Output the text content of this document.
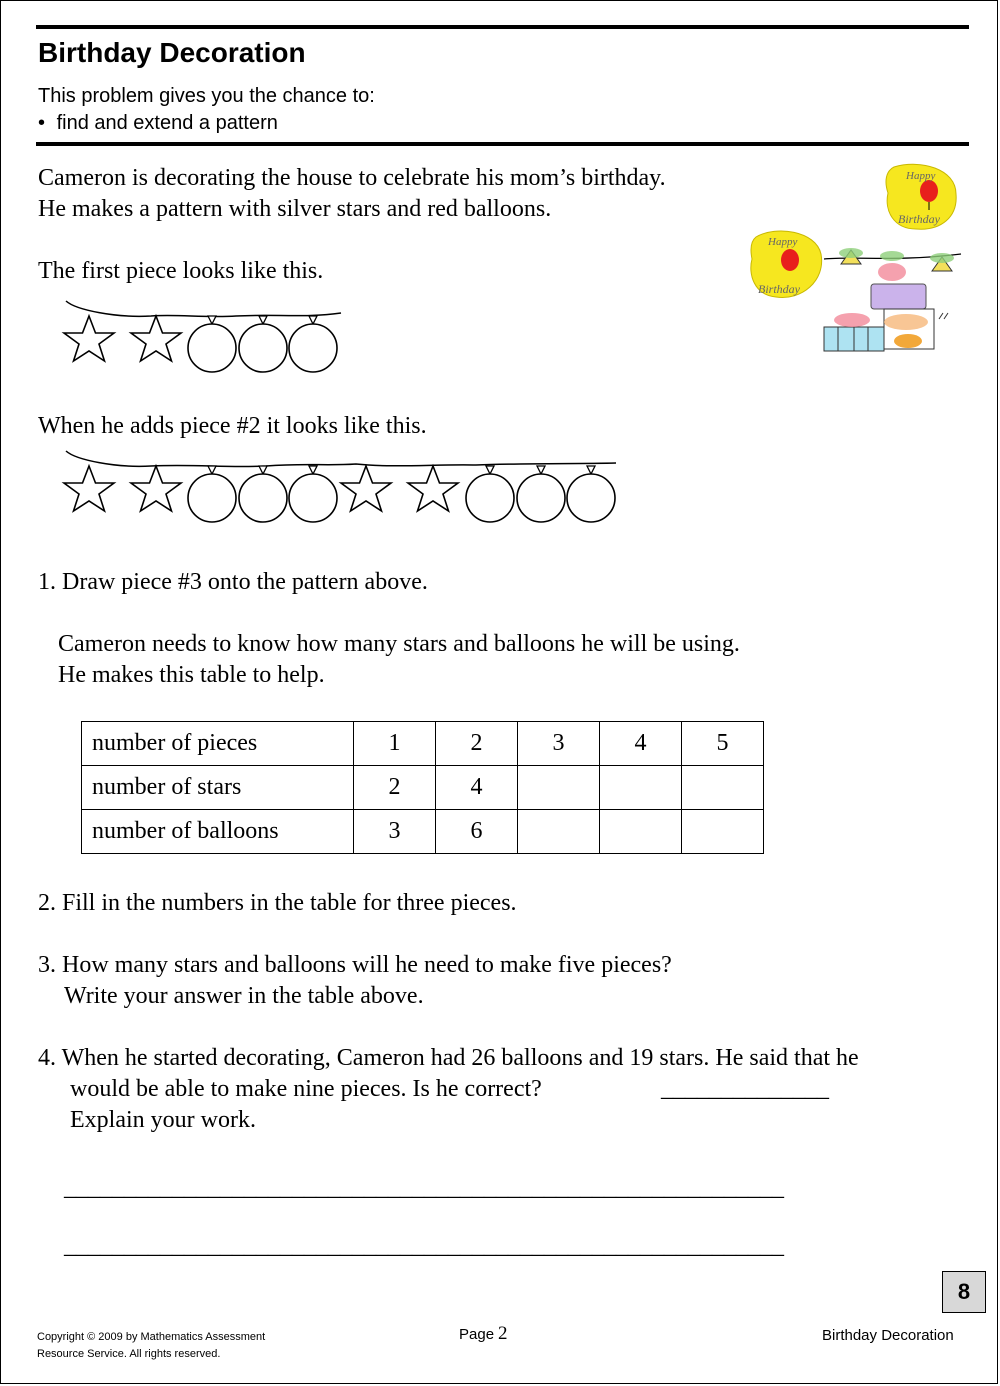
Birthday Decoration
This problem gives you the chance to:
• find and extend a pattern
Cameron is decorating the house to celebrate his mom’s birthday.
He makes a pattern with silver stars and red balloons.
The first piece looks like this.
When he adds piece #2 it looks like this.
Happy
Birthday
Happy
Birthday
1. Draw piece #3 onto the pattern above.
Cameron needs to know how many stars and balloons he will be using.
He makes this table to help.
number of pieces	1	2	3	4	5
number of stars	2	4			
number of balloons	3	6			
2. Fill in the numbers in the table for three pieces.
3. How many stars and balloons will he need to make five pieces?
Write your answer in the table above.
4. When he started decorating, Cameron had 26 balloons and 19 stars. He said that he
would be able to make nine pieces. Is he correct?	______________
Explain your work.
____________________________________________________________
____________________________________________________________
8
Copyright © 2009 by Mathematics Assessment
Resource Service. All rights reserved.
Page 2	Birthday Decoration
